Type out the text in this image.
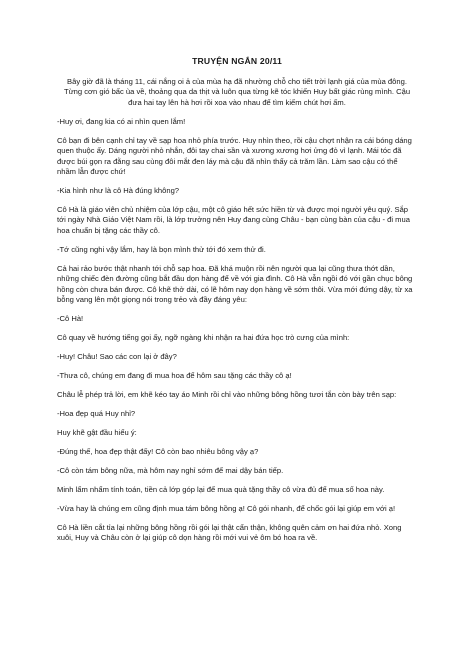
TRUYỆN NGẮN 20/11
Bây giờ đã là tháng 11, cái nắng oi ả của mùa hạ đã nhường chỗ cho tiết trời lạnh giá của mùa đông. Từng cơn gió bấc ùa về, thoảng qua da thịt và luôn qua từng kẽ tóc khiến Huy bất giác rùng mình. Cậu đưa hai tay lên hà hơi rồi xoa vào nhau để tìm kiếm chút hơi ấm.
-Huy ơi, đang kia có ai nhìn quen lắm!
Cô bạn đi bên cạnh chỉ tay về sạp hoa nhỏ phía trước. Huy nhìn theo, rồi cậu chợt nhận ra cái bóng dáng quen thuộc ấy. Dáng người nhỏ nhắn, đôi tay chai sần và xương xương hơi ửng đỏ vì lạnh. Mái tóc đã được búi gọn ra đằng sau cùng đôi mắt đen láy mà cậu đã nhìn thấy cả trăm lần. Làm sao cậu có thể nhầm lẫn được chứ!
-Kia hình như là cô Hà đúng không?
Cô Hà là giáo viên chủ nhiệm của lớp cậu, một cô giáo hết sức hiền từ và được mọi người yêu quý. Sắp tới ngày Nhà Giáo Việt Nam rồi, là lớp trưởng nên Huy đang cùng Châu - bạn cùng bàn của cậu - đi mua hoa chuẩn bị tặng các thầy cô.
-Tớ cũng nghi vậy lắm, hay là bọn mình thử tới đó xem thử đi.
Cả hai rảo bước thật nhanh tới chỗ sạp hoa. Đã khá muộn rồi nên người qua lại cũng thưa thớt dần, những chiếc đèn đường cũng bắt đầu dọn hàng để về với gia đình. Cô Hà vẫn ngồi đó với gần chục bông hồng còn chưa bán được. Cô khẽ thở dài, có lẽ hôm nay dọn hàng về sớm thôi. Vừa mới đứng dậy, từ xa bỗng vang lên một giọng nói trong trẻo và đầy đáng yêu:
-Cô Hà!
Cô quay về hướng tiếng gọi ấy, ngỡ ngàng khi nhận ra hai đứa học trò cưng của mình:
-Huy! Châu! Sao các con lại ở đây?
-Thưa cô, chúng em đang đi mua hoa để hôm sau tặng các thầy cô ạ!
Châu lễ phép trả lời, em khẽ kéo tay áo Minh rồi chỉ vào những bông hồng tươi tắn còn bày trên sạp:
-Hoa đẹp quá Huy nhỉ?
Huy khẽ gật đầu hiểu ý:
-Đúng thế, hoa đẹp thật đấy! Cô còn bao nhiêu bông vậy ạ?
-Cô còn tám bông nữa, mà hôm nay nghỉ sớm để mai dậy bán tiếp.
Minh lẩm nhẩm tính toán, tiền cả lớp góp lại để mua quà tặng thầy cô vừa đủ để mua số hoa này.
-Vừa hay là chúng em cũng định mua tám bông hồng ạ! Cô gói nhanh, để chốc gói lại giúp em với ạ!
Cô Hà liền cắt tỉa lại những bông hồng rồi gói lại thật cẩn thận, không quên cảm ơn hai đứa nhỏ. Xong xuôi, Huy và Châu còn ở lại giúp cô dọn hàng rồi mới vui vẻ ôm bó hoa ra về.
